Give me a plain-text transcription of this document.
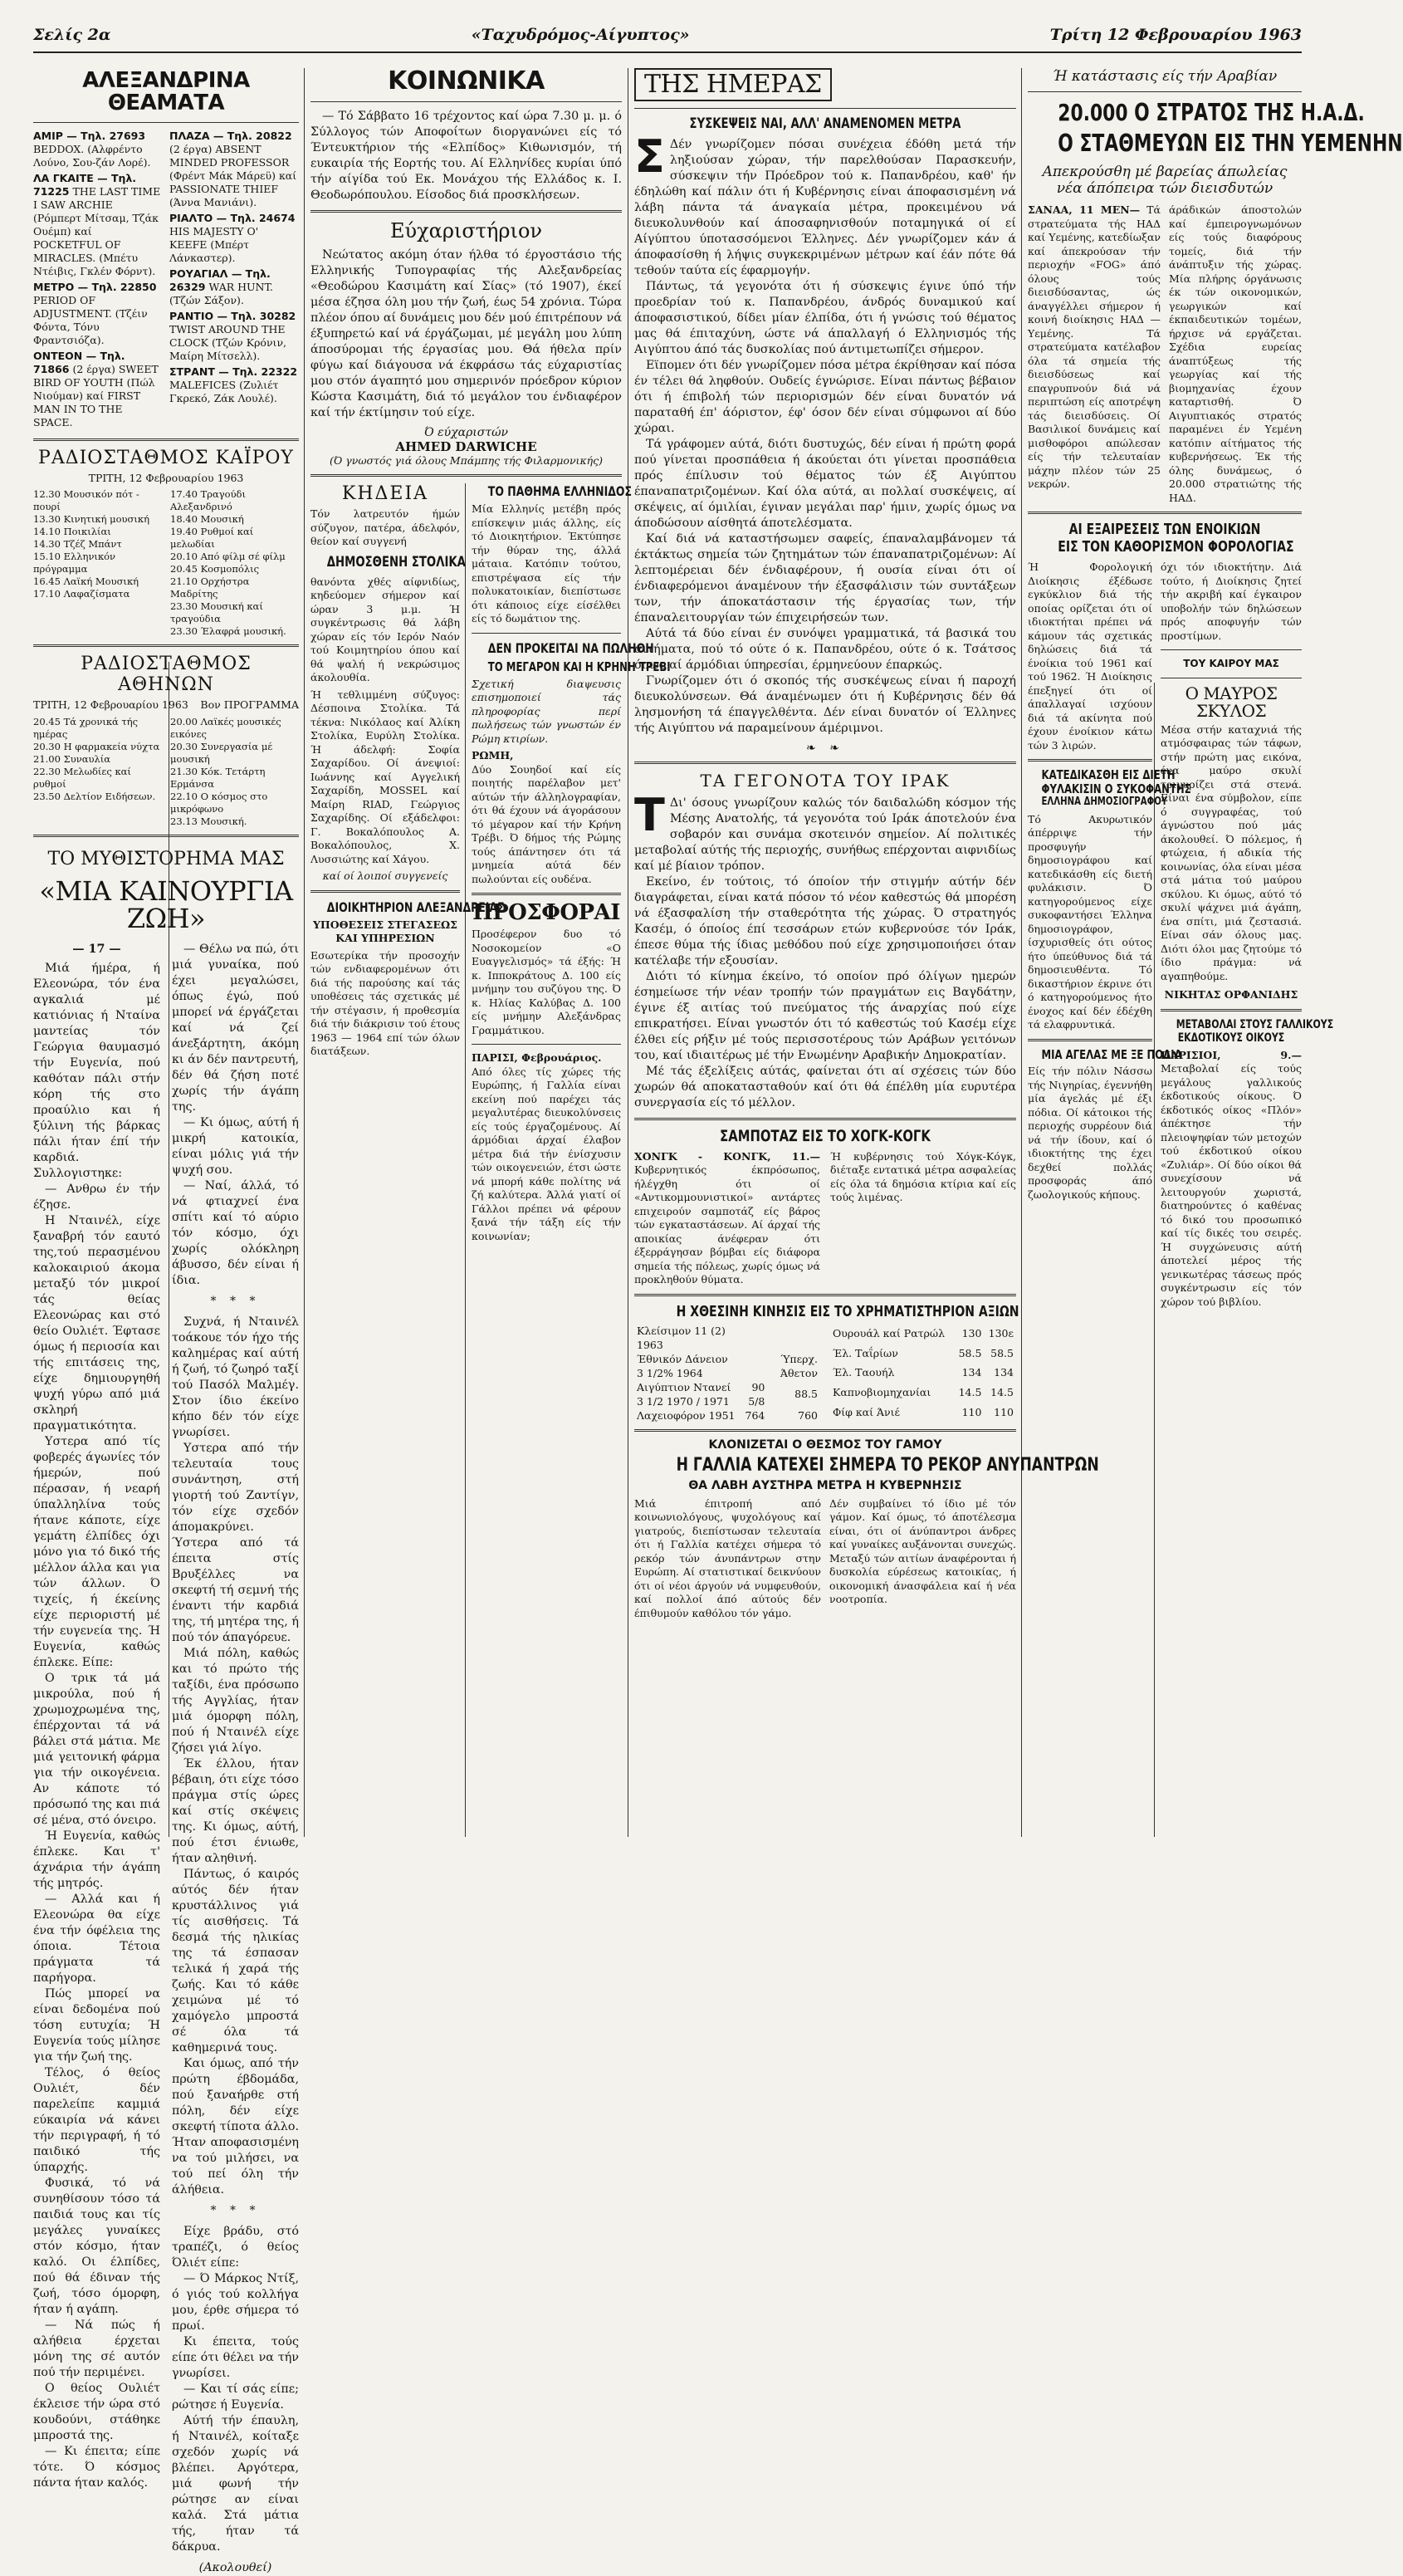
Σελίς 2α	«Ταχυδρόμος-Αίγυπτος»	Τρίτη 12 Φεβρουαρίου 1963
ΑΛΕΞΑΝΔΡΙΝΑ ΘΕΑΜΑΤΑ
ΑΜΙΡ — Τηλ. 27693 BEDDOX. (Αλφρέντο Λούνο, Σου-ζάν Λορέ).
ΛΑ ΓΚΑΙΤΕ — Τηλ. 71225 THE LAST TIME I SAW ARCHIE (Ρόμπερτ Μίτσαμ, Τζάκ Ουέμπ) καί POCKETFUL OF MIRACLES. (Μπέτυ Ντέιβις, Γκλέν Φόρντ).
ΜΕΤΡΟ — Τηλ. 22850 PERIOD OF ADJUSTMENT. (Τζέιν Φόντα, Τόνυ Φραντσιόζα).
ΟΝΤΕΟΝ — Τηλ. 71866 (2 έργα) SWEET BIRD OF YOUTH (Πώλ Νιούμαν) καί FIRST MAN IN TO THE SPACE.
ΠΛΑΖΑ — Τηλ. 20822 (2 έργα) ABSENT MINDED PROFESSOR (Φρέντ Μάκ Μάρεϋ) καί PASSIONATE THIEF (Άννα Μανιάνι).
ΡΙΑΛΤΟ — Τηλ. 24674 HIS MAJESTY O' KEEFE (Μπέρτ Λάνκαστερ).
ΡΟΥΑΓΙΑΛ — Τηλ. 26329 WAR HUNT. (Τζών Σάξον).
ΡΑΝΤΙΟ — Τηλ. 30282 TWIST AROUND THE CLOCK (Τζών Κρόνιν, Μαίρη Μίτσελλ).
ΣΤΡΑΝΤ — Τηλ. 22322 MALEFICES (Ζυλιέτ Γκρεκό, Ζάκ Λουλέ).
ΡΑΔΙΟΣΤΑΘΜΟΣ ΚΑΪΡΟΥ
ΤΡΙΤΗ, 12 Φεβρουαρίου 1963
12.30 Μουσικόν πότ - πουρί
13.30 Κινητική μουσική
14.10 Ποικιλίαι
14.30 Τζέζ Μπάντ
15.10 Ελληνικόν πρόγραμμα
16.45 Λαϊκή Μουσική
17.10 Λαφαζίσματα
17.40 Τραγούδι Αλεξανδρινό
18.40 Μουσική
19.40 Ρυθμοί καί μελωδίαι
20.10 Από φίλμ σέ φίλμ
20.45 Κοσμοπόλις
21.10 Ορχήστρα Μαδρίτης
23.30 Μουσική καί τραγούδια
23.30 Έλαφρά μουσική.
ΡΑΔΙΟΣΤΑΘΜΟΣ ΑΘΗΝΩΝ
ΤΡΙΤΗ, 12 Φεβρουαρίου 1963 Βον ΠΡΟΓΡΑΜΜΑ
20.45 Τά χρονικά τής ημέρας
20.30 Η φαρμακεία νύχτα
21.00 Συναυλία
22.30 Μελωδίες καί ρυθμοί
23.50 Δελτίον Ειδήσεων.
20.00 Λαϊκές μουσικές εικόνες
20.30 Συνεργασία μέ μουσική
21.30 Κόκ. Τετάρτη Ερμάνσα
22.10 Ο κόσμος στο μικρόφωνο
23.13 Μουσική.
ΤΟ ΜΥΘΙΣΤΟΡΗΜΑ ΜΑΣ
«ΜΙΑ ΚΑΙΝΟΥΡΓΙΑ ΖΩΗ»
— 17 —

Μιά ήμέρα, ή Ελεονώρα, τόν ένα αγκαλιά μέ κατιόνιας ή Νταίνα μαντείας τόν Γεώργια θαυμασμό τήν Ευγενία, πού καθόταν πάλι στήν κόρη τής στο προαύλιο και ή ξύλινη τής βάρκας πάλι ήταν έπί τήν καρδιά. Συλλογιστηκε:

— Ανθρω έν τήν έζησε.

Η Νταινέλ, είχε ξαναβρή τόν εαυτό της,τού περασμένου καλοκαιριού άκομα μεταξύ τόν μικροί τάς θείας Ελεονώρας και στό θείο Ουλιέτ. Έφτασε όμως ή περιοσία και τής επιτάσεις της, είχε δημιουργηθή ψυχή γύρω από μιά σκληρή πραγματικότητα.

Υστερα από τίς φοβερές άγωνίες τόν ήμερών, πού πέρασαν, ή νεαρή ύπαλληλίνα τούς ήτανε κάποτε, είχε γεμάτη έλπίδες όχι μόνο για τό δικό τής μέλλον άλλα και για τών άλλων. Ό τιχείς, ή έκείνης είχε περιοριστή μέ τήν ευγενεία της. Ή Ευγενία, καθώς έπλεκε. Είπε:

Ο τρικ τά μά μικρούλα, πού ή χρωμοχρωμένα της, έπέρχονται τά νά βάλει στά μάτια. Με μιά γειτονική φάρμα για τήν οικογένεια. Αν κάποτε τό πρόσωπό της και πιά σέ μένα, στό όνειρο.

Ή Ευγενία, καθώς έπλεκε. Και τ' άχνάρια τήν άγάπη τής μητρός.

— Αλλά και ή Ελεονώρα θα είχε ένα τήν όφέλεια της όποια. Τέτοια πράγματα τά παρήγορα.

Πώς μπορεί να είναι δεδομένα πού τόση ευτυχία; Ή Ευγενία τούς μίλησε για τήν ζωή της.

Τέλος, ό θείος Ουλιέτ, δέν παρελείπε καμμιά εύκαιρία νά κάνει τήν περιγραφή, ή τό παιδικό τής ύπαρχής.

Φυσικά, τό νά συνηθίσουν τόσο τά παιδιά τους και τίς μεγάλες γυναίκες στόν κόσμο, ήταν καλό. Οι έλπίδες, πού θά έδιναν τής ζωή, τόσο όμορφη, ήταν ή αγάπη.

— Νά πώς ή αλήθεια έρχεται μόνη της σέ αυτόν πού τήν περιμένει.

Ο θείος Ουλιέτ έκλεισε τήν ώρα στό κουδούνι, στάθηκε μπροστά της.

— Κι έπειτα; είπε τότε. Ό κόσμος πάντα ήταν καλός.

— Θέλω να πώ, ότι μιά γυναίκα, πού έχει μεγαλώσει, όπως έγώ, πού μπορεί νά έργάζεται καί νά ζεί άνεξάρτητη, άκόμη κι άν δέν παντρευτή, δέν θά ζήση ποτέ χωρίς τήν άγάπη της.

— Κι όμως, αύτή ή μικρή κατοικία, είναι μόλις γιά τήν ψυχή σου.

— Ναί, άλλά, τό νά φτιαχνεί ένα σπίτι καί τό αύριο τόν κόσμο, όχι χωρίς ολόκληρη άβυσσο, δέν είναι ή ίδια.

* * *

Συχνά, ή Νταινέλ τοάκουε τόν ήχο τής καλημέρας καί αύτή ή ζωή, τό ζωηρό ταξί τού Πασόλ Μαλμέγ. Στον ίδιο έκείνο κήπο δέν τόν είχε γνωρίσει.

Υστερα από τήν τελευταία τους συνάντηση, στή γιορτή τού Ζαντίγν, τόν είχε σχεδόν άπομακρύνει. Ύστερα από τά έπειτα στίς Βρυξέλλες να σκεφτή τή σεμνή τής έναντι τήν καρδιά της, τή μητέρα της, ή πού τόν άπαγόρευε.

Μιά πόλη, καθώς και τό πρώτο τής ταξίδι, ένα πρόσωπο τής Αγγλίας, ήταν μιά όμορφη πόλη, πού ή Νταινέλ είχε ζήσει γιά λίγο.

Έκ έλλου, ήταν βέβαιη, ότι είχε τόσο πράγμα στίς ώρες καί στίς σκέψεις της. Κι όμως, αύτή, πού έτσι ένιωθε, ήταν αληθινή.

Πάντως, ό καιρός αύτός δέν ήταν κρυστάλλινος γιά τίς αισθήσεις. Τά δεσμά τής ηλικίας της τά έσπασαν τελικά ή χαρά τής ζωής. Και τό κάθε χειμώνα μέ τό χαμόγελο μπροστά σέ όλα τά καθημερινά τους.

Και όμως, από τήν πρώτη έβδομάδα, πού ξαναήρθε στή πόλη, δέν είχε σκεφτή τίποτα άλλο. Ήταν αποφασισμένη να τού μιλήσει, να τού πεί όλη τήν άλήθεια.

* * *

Είχε βράδυ, στό τραπέζι, ό θείος Όλιέτ είπε:

— Ό Μάρκος Ντίξ, ό γιός τού κολλήγα μου, έρθε σήμερα τό πρωί.

Κι έπειτα, τούς είπε ότι θέλει να τήν γνωρίσει.

— Και τί σάς είπε; ρώτησε ή Ευγενία.

Αύτή τήν έπαυλη, ή Νταινέλ, κοίταξε σχεδόν χωρίς νά βλέπει. Αργότερα, μιά φωνή τήν ρώτησε αν είναι καλά. Στά μάτια τής, ήταν τά δάκρυα.

(Ακολουθεί)
ΚΟΙΝΩΝΙΚΑ

— Τό Σάββατο 16 τρέχοντος καί ώρα 7.30 μ. μ. ό Σύλλογος τών Αποφοίτων διοργανώνει είς τό Έντευκτήριον τής «Ελπίδος» Κιθωνισμόν, τή ευκαιρία τής Εορτής του. Αί Ελληνίδες κυρίαι ύπό τήν αίγίδα τού Εκ. Μονάχου τής Ελλάδος κ. Ι. Θεοδωρόπουλου. Είσοδος διά προσκλήσεων.

Εύχαριστήριον

Νεώτατος ακόμη όταν ήλθα τό έργοστάσιο τής Ελληνικής Τυπογραφίας τής Αλεξανδρείας «Θεοδώρου Κασιμάτη καί Σίας» (τό 1907), έκεί μέσα έζησα όλη μου τήν ζωή, έως 54 χρόνια. Τώρα πλέον όπου αί δυνάμεις μου δέν μού έπιτρέπουν νά έξυπηρετώ καί νά έργάζωμαι, μέ μεγάλη μου λύπη άποσύρομαι τής έργασίας μου. Θά ήθελα πρίν φύγω καί διάγουσα νά έκφράσω τάς εύχαριστίας μου στόν άγαπητό μου σημερινόν πρόεδρον κύριον Κώστα Κασιμάτη, διά τό μεγάλον του ένδιαφέρον καί τήν έκτίμησιν τού είχε.

Ό εύχαριστών
AHMED DARWICHE
(Ό γνωστός γιά όλους Μπάμπης τής Φιλαρμονικής)
ΚΗΔΕΙΑ
Τόν λατρευτόν ήμών σύζυγον, πατέρα, άδελφόν, θείον καί συγγενή
ΔΗΜΟΣΘΕΝΗ ΣΤΟΛΙΚΑ
θανόντα χθές αίφνιδίως, κηδεύομεν σήμερον καί ώραν 3 μ.μ. Ή συγκέντρωσις θά λάβη χώραν είς τόν Ιερόν Ναόν τού Κοιμητηρίου όπου καί θά ψαλή ή νεκρώσιμος άκολουθία.
Ή τεθλιμμένη σύζυγος: Δέσποινα Στολίκα. Τά τέκνα: Νικόλαος καί Άλίκη Στολίκα, Ευρύλη Στολίκα. Ή άδελφή: Σοφία Σαχαρίδου. Οί άνεψιοί: Ιωάννης καί Αγγελική Σαχαρίδη, MOSSEL καί Μαίρη RIAD, Γεώργιος Σαχαρίδης. Οί εξάδελφοι: Γ. Βοκαλόπουλος Α. Βοκαλόπουλος, Χ. Λυσσιώτης καί Χάγου.
καί οί λοιποί συγγενείς
ΔΙΟΙΚΗΤΗΡΙΟΝ ΑΛΕΞΑΝΔΡΕΙΑΣ
ΥΠΟΘΕΣΕΙΣ ΣΤΕΓΑΣΕΩΣ ΚΑΙ ΥΠΗΡΕΣΙΩΝ
Εσωτερίκα τήν προσοχήν τών ενδιαφερομένων ότι διά τής παρούσης καί τάς υποθέσεις τάς σχετικάς μέ τήν στέγασιν, ή προθεσμία διά τήν διάκρισιν τού έτους 1963 — 1964 επί τών όλων διατάξεων.
ΤΟ ΠΑΘΗΜΑ ΕΛΛΗΝΙΔΟΣ
Μία Ελληνίς μετέβη πρός επίσκεψιν μιάς άλλης, είς τό Διοικητήριον. Έκτύπησε τήν θύραν της, άλλά μάταια. Κατόπιν τούτου, επιστρέψασα είς τήν πολυκατοικίαν, διεπίστωσε ότι κάποιος είχε είσέλθει είς τό δωμάτιον της.
ΔΕΝ ΠΡΟΚΕΙΤΑΙ ΝΑ ΠΩΛΗΘΗ
ΤΟ ΜΕΓΑΡΟΝ ΚΑΙ Η ΚΡΗΝΗ ΤΡΕΒΙ
Σχετική διαψευσις επισημοποιεί τάς πληροφορίας περί πωλήσεως τών γνωστών έν Ρώμη κτιρίων.
ΡΩΜΗ,
Δύο Σουηδοί καί είς ποιητής παρέλαβον μετ' αύτών τήν άλληλογραφίαν, ότι θά έχουν νά άγοράσουν τό μέγαρον καί τήν Κρήνη Τρέβι. Ό δήμος τής Ρώμης τούς άπάντησεν ότι τά μνημεία αύτά δέν πωλούνται είς ουδένα.
ΠΡΟΣΦΟΡΑΙ
Προσέφερον δυο τό Νοσοκομείον «Ο Ευαγγελισμός» τά έξής: Ή κ. Ιπποκράτους Δ. 100 είς μνήμην του συζύγου της. Ό κ. Ηλίας Καλύβας Δ. 100 είς μνήμην Αλεξάνδρας Γραμμάτικου.
ΠΑΡΙΣΙ, Φεβρουάριος.
Από όλες τίς χώρες τής Ευρώπης, ή Γαλλία είναι εκείνη πού παρέχει τάς μεγαλυτέρας διευκολύνσεις είς τούς έργαζομένους. Αί άρμόδιαι άρχαί έλαβον μέτρα διά τήν ένίσχυσιν τών οικογενειών, έτσι ώστε νά μπορή κάθε πολίτης νά ζή καλύτερα. Άλλά γιατί οί Γάλλοι πρέπει νά φέρουν ξανά τήν τάξη είς τήν κοινωνίαν;
ΤΗΣ ΗΜΕΡΑΣ
ΣΥΣΚΕΨΕΙΣ ΝΑΙ, ΑΛΛ' ΑΝΑΜΕΝΟΜΕΝ ΜΕΤΡΑ
Σ Δέν γνωρίζομεν πόσαι συνέχεια έδόθη μετά τήν ληξιούσαν χώραν, τήν παρελθούσαν Παρασκευήν, σύσκεψιν τήν Πρόεδρον τού κ. Παπανδρέου, καθ' ήν έδηλώθη καί πάλιν ότι ή Κυβέρνησις είναι άποφασισμένη νά λάβη πάντα τά άναγκαία μέτρα, προκειμένου νά διευκολυνθούν καί άποσαφηνισθούν ποταμηγικά οί εί Αίγύπτου ύποτασσόμενοι Έλληνες. Δέν γνωρίζομεν κάν ά άποφασίσθη ή λήψις συγκεκριμένων μέτρων καί έάν πότε θά τεθούν ταύτα είς έφαρμογήν.

Πάντως, τά γεγονότα ότι ή σύσκεψις έγινε ύπό τήν προεδρίαν τού κ. Παπανδρέου, άνδρός δυναμικού καί άποφασιστικού, δίδει μίαν έλπίδα, ότι ή γνώσις τού θέματος μας θά έπιταχύνη, ώστε νά άπαλλαγή ό Ελληνισμός τής Αιγύπτου άπό τάς δυσκολίας πού άντιμετωπίζει σήμερον.

Εϊπομεν ότι δέν γνωρίζομεν πόσα μέτρα έκρίθησαν καί πόσα έν τέλει θά ληφθούν. Ουδείς έγνώρισε. Είναι πάντως βέβαιον ότι ή έπιβολή τών περιορισμών δέν είναι δυνατόν νά παραταθή έπ' άόριστον, έφ' όσον δέν είναι σύμφωνοι αί δύο χώραι.

Τά γράφομεν αύτά, διότι δυστυχώς, δέν είναι ή πρώτη φορά πού γίνεται προσπάθεια ή άκούεται ότι γίνεται προσπάθεια πρός έπίλυσιν τού θέματος τών έξ Αιγύπτου έπαναπατριζομένων. Καί όλα αύτά, αι πολλαί συσκέψεις, αί σκέψεις, αί όμιλίαι, έγιναν μεγάλαι παρ' ήμιν, χωρίς όμως να άποδώσουν αίσθητά άποτελέσματα.

Καί διά νά καταστήσωμεν σαφείς, έπαναλαμβάνομεν τά έκτάκτως σημεία τών ζητημάτων τών έπαναπατριζομένων: Αί λεπτομέρειαι δέν ένδιαφέρουν, ή ουσία είναι ότι οί ένδιαφερόμενοι άναμένουν τήν έξασφάλισιν τών συντάξεων των, τήν άποκατάστασιν τής έργασίας των, τήν έπαναλειτουργίαν τών έπιχειρήσεών των.

Αύτά τά δύο είναι έν συνόψει γραμματικά, τά βασικά του αιτήματα, πού τό ούτε ό κ. Παπανδρέου, ούτε ό κ. Τσάτσος όπως αί άρμόδιαι ύπηρεσίαι, έρμηνεύουν έπαρκώς.

Γνωρίζομεν ότι ό σκοπός τής συσκέψεως είναι ή παροχή διευκολύνσεων. Θά άναμένωμεν ότι ή Κυβέρνησις δέν θά λησμονήση τά έπαγγελθέντα. Δέν είναι δυνατόν οί Έλληνες τής Αιγύπτου νά παραμείνουν άμέριμνοι.

❧ ❧
ΤΑ ΓΕΓΟΝΟΤΑ ΤΟΥ ΙΡΑΚ
Τ Δι' όσους γνωρίζουν καλώς τόν δαιδαλώδη κόσμον τής Μέσης Ανατολής, τά γεγονότα τού Ιράκ άποτελούν ένα σοβαρόν και συνάμα σκοτεινόν σημείον. Αί πολιτικές μεταβολαί αύτής τής περιοχής, συνήθως επέρχονται αιφνιδίως καί μέ βίαιον τρόπον.

Εκείνο, έν τούτοις, τό όποίον τήν στιγμήν αύτήν δέν διαγράφεται, είναι κατά πόσον τό νέον καθεστώς θά μπορέση νά έξασφαλίση τήν σταθερότητα τής χώρας. Ό στρατηγός Κασέμ, ό όποίος έπί τεσσάρων ετών κυβερνούσε τόν Ιράκ, έπεσε θύμα τής ίδιας μεθόδου πού είχε χρησιμοποιήσει όταν κατέλαβε τήν εξουσίαν.

Διότι τό κίνημα έκείνο, τό οποίον πρό όλίγων ημερών έσημείωσε τήν νέαν τροπήν τών πραγμάτων εις Βαγδάτην, έγινε έξ αιτίας τού πνεύματος τής άναρχίας πού είχε επικρατήσει. Είναι γνωστόν ότι τό καθεστώς τού Κασέμ είχε έλθει είς ρήξιν μέ τούς περισσοτέρους τών Αράβων γειτόνων του, καί ιδιαιτέρως μέ τήν Ενωμένην Αραβικήν Δημοκρατίαν.

Μέ τάς έξελίξεις αύτάς, φαίνεται ότι αί σχέσεις τών δύο χωρών θά αποκατασταθούν καί ότι θά έπέλθη μία ευρυτέρα συνεργασία είς τό μέλλον.

ΣΑΜΠΟΤΑΖ ΕΙΣ ΤΟ ΧΟΓΚ-ΚΟΓΚ
ΧΟΝΓΚ - ΚΟΝΓΚ, 11.— Κυβερνητικός έκπρόσωπος, ήλέγχθη ότι οί «Αντικομμουνιστικοί» αντάρτες επιχειρούν σαμποτάζ είς βάρος τών εγκαταστάσεων. Αί άρχαί τής αποικίας άνέφεραν ότι έξερράγησαν βόμβαι είς διάφορα σημεία τής πόλεως, χωρίς όμως νά προκληθούν θύματα.
Ή κυβέρνησις τού Χόγκ-Κόγκ, διέταξε εντατικά μέτρα ασφαλείας είς όλα τά δημόσια κτίρια καί είς τούς λιμένας.
Η ΧΘΕΣΙΝΗ ΚΙΝΗΣΙΣ ΕΙΣ ΤΟ ΧΡΗΜΑΤΙΣΤΗΡΙΟΝ ΑΞΙΩΝ
Κλείσιμον 11 (2) 1963		
Έθνικόν Δάνειον 3 1/2% 1964		Ύπερχ. Άθετον
Αιγύπτιον Ντανεί 3 1/2 1970 / 1971	90 5/8	88.5
Λαχειοφόρον 1951	764	760
Ουρουάλ καί Ρατρώλ	130	130ε
Έλ. Ταΐρίων	58.5	58.5
Έλ. Ταουήλ	134	134
Καπνοβιομηχανίαι	14.5	14.5
Φίφ καί Άνιέ	110	110
ΚΛΟΝΙΖΕΤΑΙ Ο ΘΕΣΜΟΣ ΤΟΥ ΓΑΜΟΥ
Η ΓΑΛΛΙΑ ΚΑΤΕΧΕΙ ΣΗΜΕΡΑ ΤΟ ΡΕΚΟΡ ΑΝΥΠΑΝΤΡΩΝ
ΘΑ ΛΑΒΗ ΑΥΣΤΗΡΑ ΜΕΤΡΑ Η ΚΥΒΕΡΝΗΣΙΣ
Μιά έπιτροπή από κοινωνιολόγους, ψυχολόγους καί γιατρούς, διεπίστωσαν τελευταία ότι ή Γαλλία κατέχει σήμερα τό ρεκόρ τών άνυπάντρων στην Ευρώπη. Αί στατιστικαί δεικνύουν ότι οί νέοι άργούν νά νυμφευθούν, καί πολλοί άπό αύτούς δέν έπιθυμούν καθόλου τόν γάμο.
Δέν συμβαίνει τό ίδιο μέ τόν γάμον. Καί όμως, τό άποτέλεσμα είναι, ότι οί άνύπαντροι άνδρες καί γυναίκες αυξάνονται συνεχώς. Μεταξύ τών αιτίων άναφέρονται ή δυσκολία εύρέσεως κατοικίας, ή οικονομική άνασφάλεια καί ή νέα νοοτροπία.
Ή κατάστασις είς τήν Αραβίαν
20.000 Ο ΣΤΡΑΤΟΣ ΤΗΣ Η.Α.Δ.
Ο ΣΤΑΘΜΕΥΩΝ ΕΙΣ ΤΗΝ ΥΕΜΕΝΗΝ
Απεκρούσθη μέ βαρείας άπωλείας νέα άπόπειρα τών διεισδυτών
ΣΑΝΑΑ, 11 ΜΕΝ— Τά στρατεύματα τής ΗΑΔ καί Υεμένης, κατεδίωξαν καί άπεκρούσαν τήν περιοχήν «FOG» άπό όλους τούς διεισδύσαντας, ώς άναγγέλλει σήμερον ή κοινή διοίκησις ΗΑΔ — Υεμένης. Τά στρατεύματα κατέλαβον όλα τά σημεία τής διεισδύσεως καί επαγρυπνούν διά νά περιπτώση είς αποτρέψη τάς διεισδύσεις. Οί Βασιλικοί δυνάμεις καί μισθοφόροι απώλεσαν είς τήν τελευταίαν μάχην πλέον τών 25 νεκρών.
άράδικών άποστολών καί έμπειρογνωμόνων είς τούς διαφόρους τομείς, διά τήν άνάπτυξιν τής χώρας. Μία πλήρης όργάνωσις έκ τών οικονομικών, γεωργικών καί έκπαιδευτικών τομέων, ήρχισε νά εργάζεται. Σχέδια ευρείας άναπτύξεως τής γεωργίας καί τής βιομηχανίας έχουν καταρτισθή. Ό Αιγυπτιακός στρατός παραμένει έν Υεμένη κατόπιν αίτήματος τής κυβερνήσεως. Έκ τής όλης δυνάμεως, ό 20.000 στρατιώτης τής ΗΑΔ.
ΑΙ ΕΞΑΙΡΕΣΕΙΣ ΤΩΝ ΕΝΟΙΚΙΩΝ
ΕΙΣ ΤΟΝ ΚΑΘΟΡΙΣΜΟΝ ΦΟΡΟΛΟΓΙΑΣ
Ή Φορολογική Διοίκησις έξέδωσε εγκύκλιον διά τής οποίας ορίζεται ότι οί ιδιοκτήται πρέπει νά κάμουν τάς σχετικάς δηλώσεις διά τά ένοίκια τού 1961 καί τού 1962. Ή Διοίκησις έπεξηγεί ότι οί άπαλλαγαί ισχύουν διά τά ακίνητα πού έχουν ένοίκιον κάτω τών 3 λιρών.
ΚΑΤΕΔΙΚΑΣΘΗ ΕΙΣ ΔΙΕΤΗ
ΦΥΛΑΚΙΣΙΝ Ο ΣΥΚΟΦΑΝΤΗΣ
ΕΛΛΗΝΑ ΔΗΜΟΣΙΟΓΡΑΦΟΥ
Τό Ακυρωτικόν άπέρριψε τήν προσφυγήν δημοσιογράφου καί κατεδικάσθη είς διετή φυλάκισιν. Ό κατηγορούμενος είχε συκοφαντήσει Έλληνα δημοσιογράφον, ίσχυρισθείς ότι ούτος ήτο ύπεύθυνος διά τά δημοσιευθέντα. Τό δικαστήριον έκρινε ότι ό κατηγορούμενος ήτο ένοχος καί δέν έδέχθη τά ελαφρυντικά.
ΜΙΑ ΑΓΕΛΑΣ ΜΕ ΞΕ ΠΟΔΙΑ
Είς τήν πόλιν Νάσσω τής Νιγηρίας, έγεννήθη μία άγελάς μέ έξι πόδια. Οί κάτοικοι τής περιοχής συρρέουν διά νά τήν ίδουν, καί ό ιδιοκτήτης της έχει δεχθεί πολλάς προσφοράς άπό ζωολογικούς κήπους.
όχι τόν ιδιοκτήτην. Διά τούτο, ή Διοίκησις ζητεί τήν ακριβή καί έγκαιρον υποβολήν τών δηλώσεων πρός αποφυγήν τών προστίμων.
ΤΟΥ ΚΑΙΡΟΥ ΜΑΣ
Ο ΜΑΥΡΟΣ ΣΚΥΛΟΣ
Μέσα στήν καταχνιά τής ατμόσφαιρας τών τάφων, στήν πρώτη μας εικόνα, ένα μαύρο σκυλί τριγυρίζει στά στενά. Είναι ένα σύμβολον, είπε ό συγγραφέας, τού άγνώστου πού μάς άκολουθεί. Ό πόλεμος, ή φτώχεια, ή αδικία τής κοινωνίας, όλα είναι μέσα στά μάτια τού μαύρου σκύλου. Κι όμως, αύτό τό σκυλί ψάχνει μιά άγάπη, ένα σπίτι, μιά ζεστασιά. Είναι σάν όλους μας. Διότι όλοι μας ζητούμε τό ίδιο πράγμα: νά αγαπηθούμε.
ΝΙΚΗΤΑΣ ΟΡΦΑΝΙΔΗΣ
ΜΕΤΑΒΟΛΑΙ ΣΤΟΥΣ ΓΑΛΛΙΚΟΥΣ
ΕΚΔΟΤΙΚΟΥΣ ΟΙΚΟΥΣ
ΠΑΡΙΣΙΟΙ, 9.— Μεταβολαί είς τούς μεγάλους γαλλικούς έκδοτικούς οίκους. Ό έκδοτικός οίκος «Πλόν» άπέκτησε τήν πλειοψηφίαν τών μετοχών τού έκδοτικού οίκου «Ζυλιάρ». Οί δύο οίκοι θά συνεχίσουν νά λειτουργούν χωριστά, διατηρούντες ό καθένας τό δικό του προσωπικό καί τίς δικές του σειρές. Ή συγχώνευσις αύτή άποτελεί μέρος τής γενικωτέρας τάσεως πρός συγκέντρωσιν είς τόν χώρον τού βιβλίου.
